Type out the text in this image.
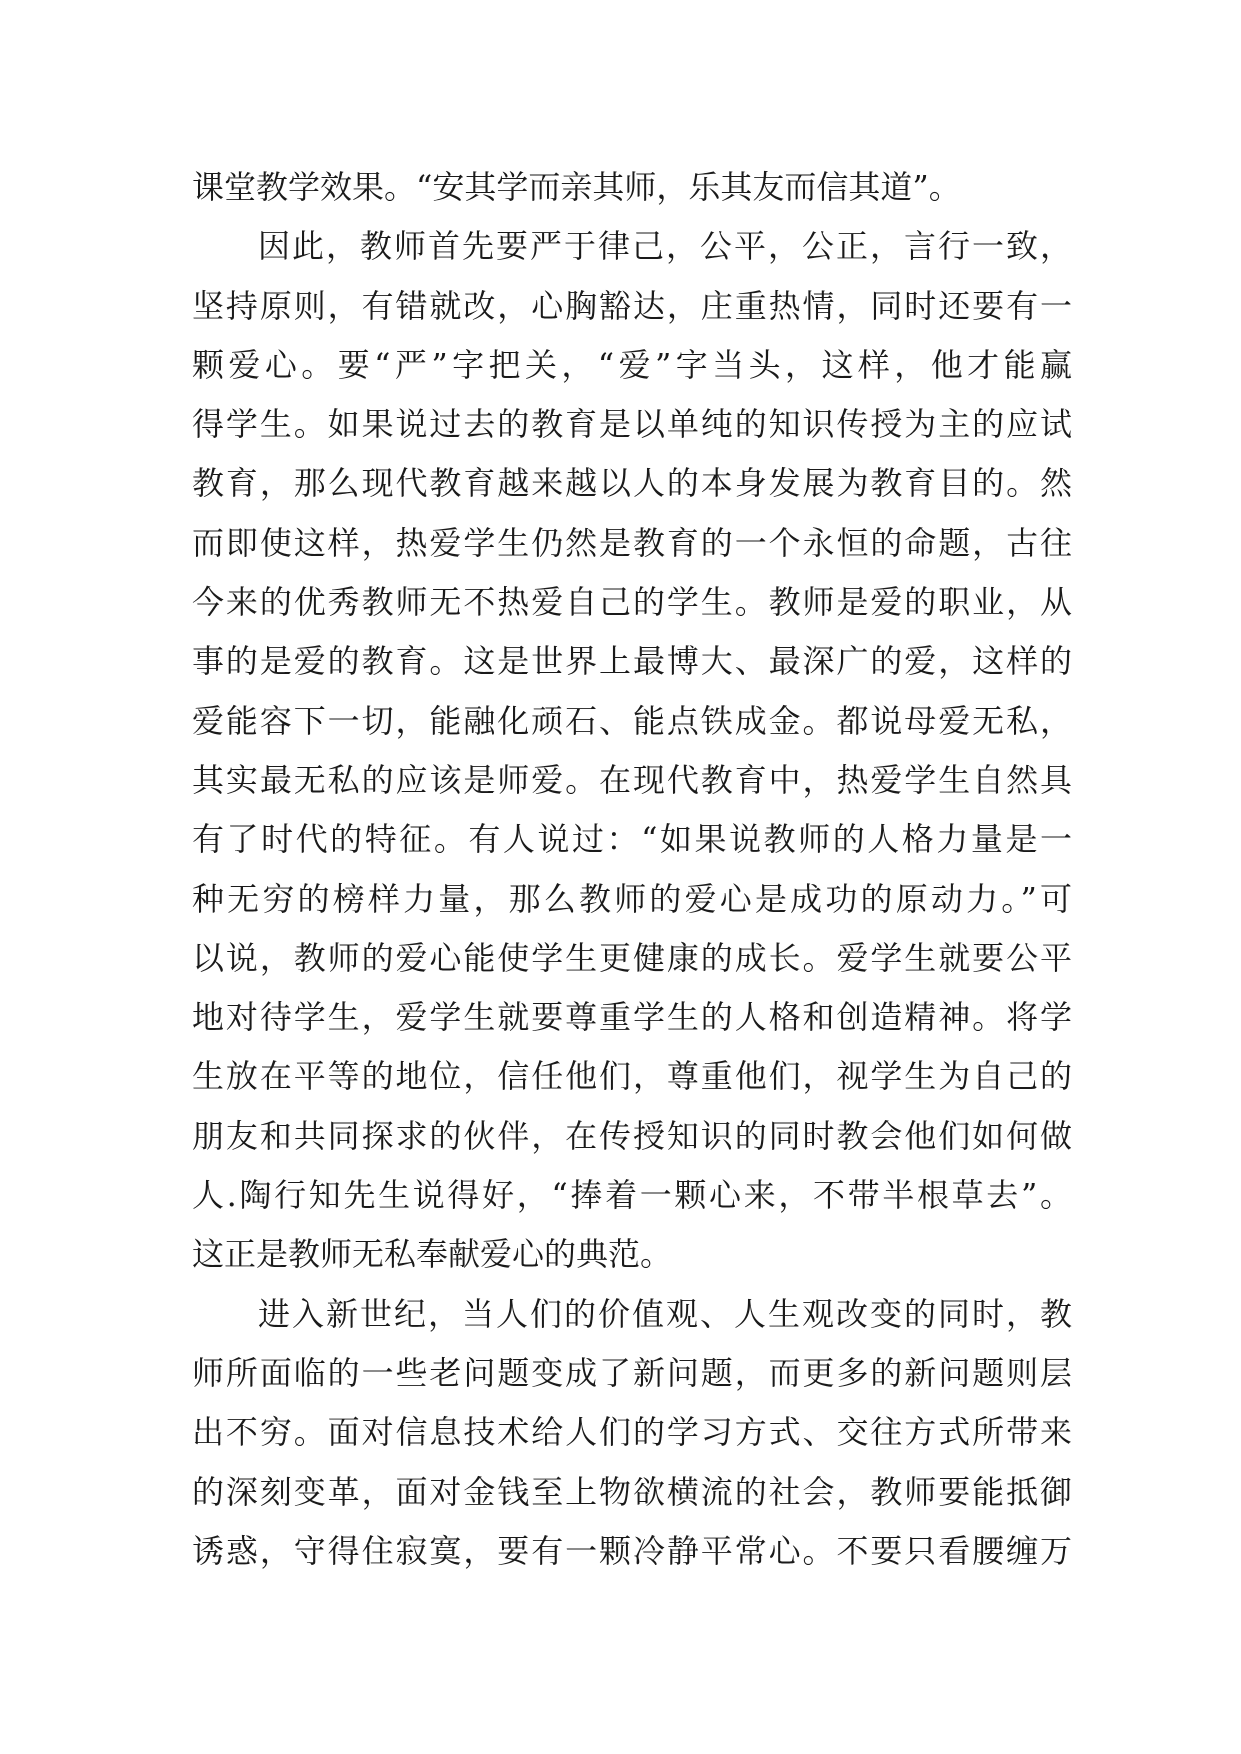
课堂教学效果。“安其学而亲其师，乐其友而信其道”。
因此，教师首先要严于律己，公平，公正，言行一致，
坚持原则，有错就改，心胸豁达，庄重热情，同时还要有一
颗爱心。要“严”字把关，“爱”字当头，这样，他才能赢
得学生。如果说过去的教育是以单纯的知识传授为主的应试
教育，那么现代教育越来越以人的本身发展为教育目的。然
而即使这样，热爱学生仍然是教育的一个永恒的命题，古往
今来的优秀教师无不热爱自己的学生。教师是爱的职业，从
事的是爱的教育。这是世界上最博大、最深广的爱，这样的
爱能容下一切，能融化顽石、能点铁成金。都说母爱无私，
其实最无私的应该是师爱。在现代教育中，热爱学生自然具
有了时代的特征。有人说过：“如果说教师的人格力量是一
种无穷的榜样力量，那么教师的爱心是成功的原动力。”可
以说，教师的爱心能使学生更健康的成长。爱学生就要公平
地对待学生，爱学生就要尊重学生的人格和创造精神。将学
生放在平等的地位，信任他们，尊重他们，视学生为自己的
朋友和共同探求的伙伴，在传授知识的同时教会他们如何做
人.陶行知先生说得好，“捧着一颗心来，不带半根草去”。
这正是教师无私奉献爱心的典范。
进入新世纪，当人们的价值观、人生观改变的同时，教
师所面临的一些老问题变成了新问题，而更多的新问题则层
出不穷。面对信息技术给人们的学习方式、交往方式所带来
的深刻变革，面对金钱至上物欲横流的社会，教师要能抵御
诱惑，守得住寂寞，要有一颗冷静平常心。不要只看腰缠万
